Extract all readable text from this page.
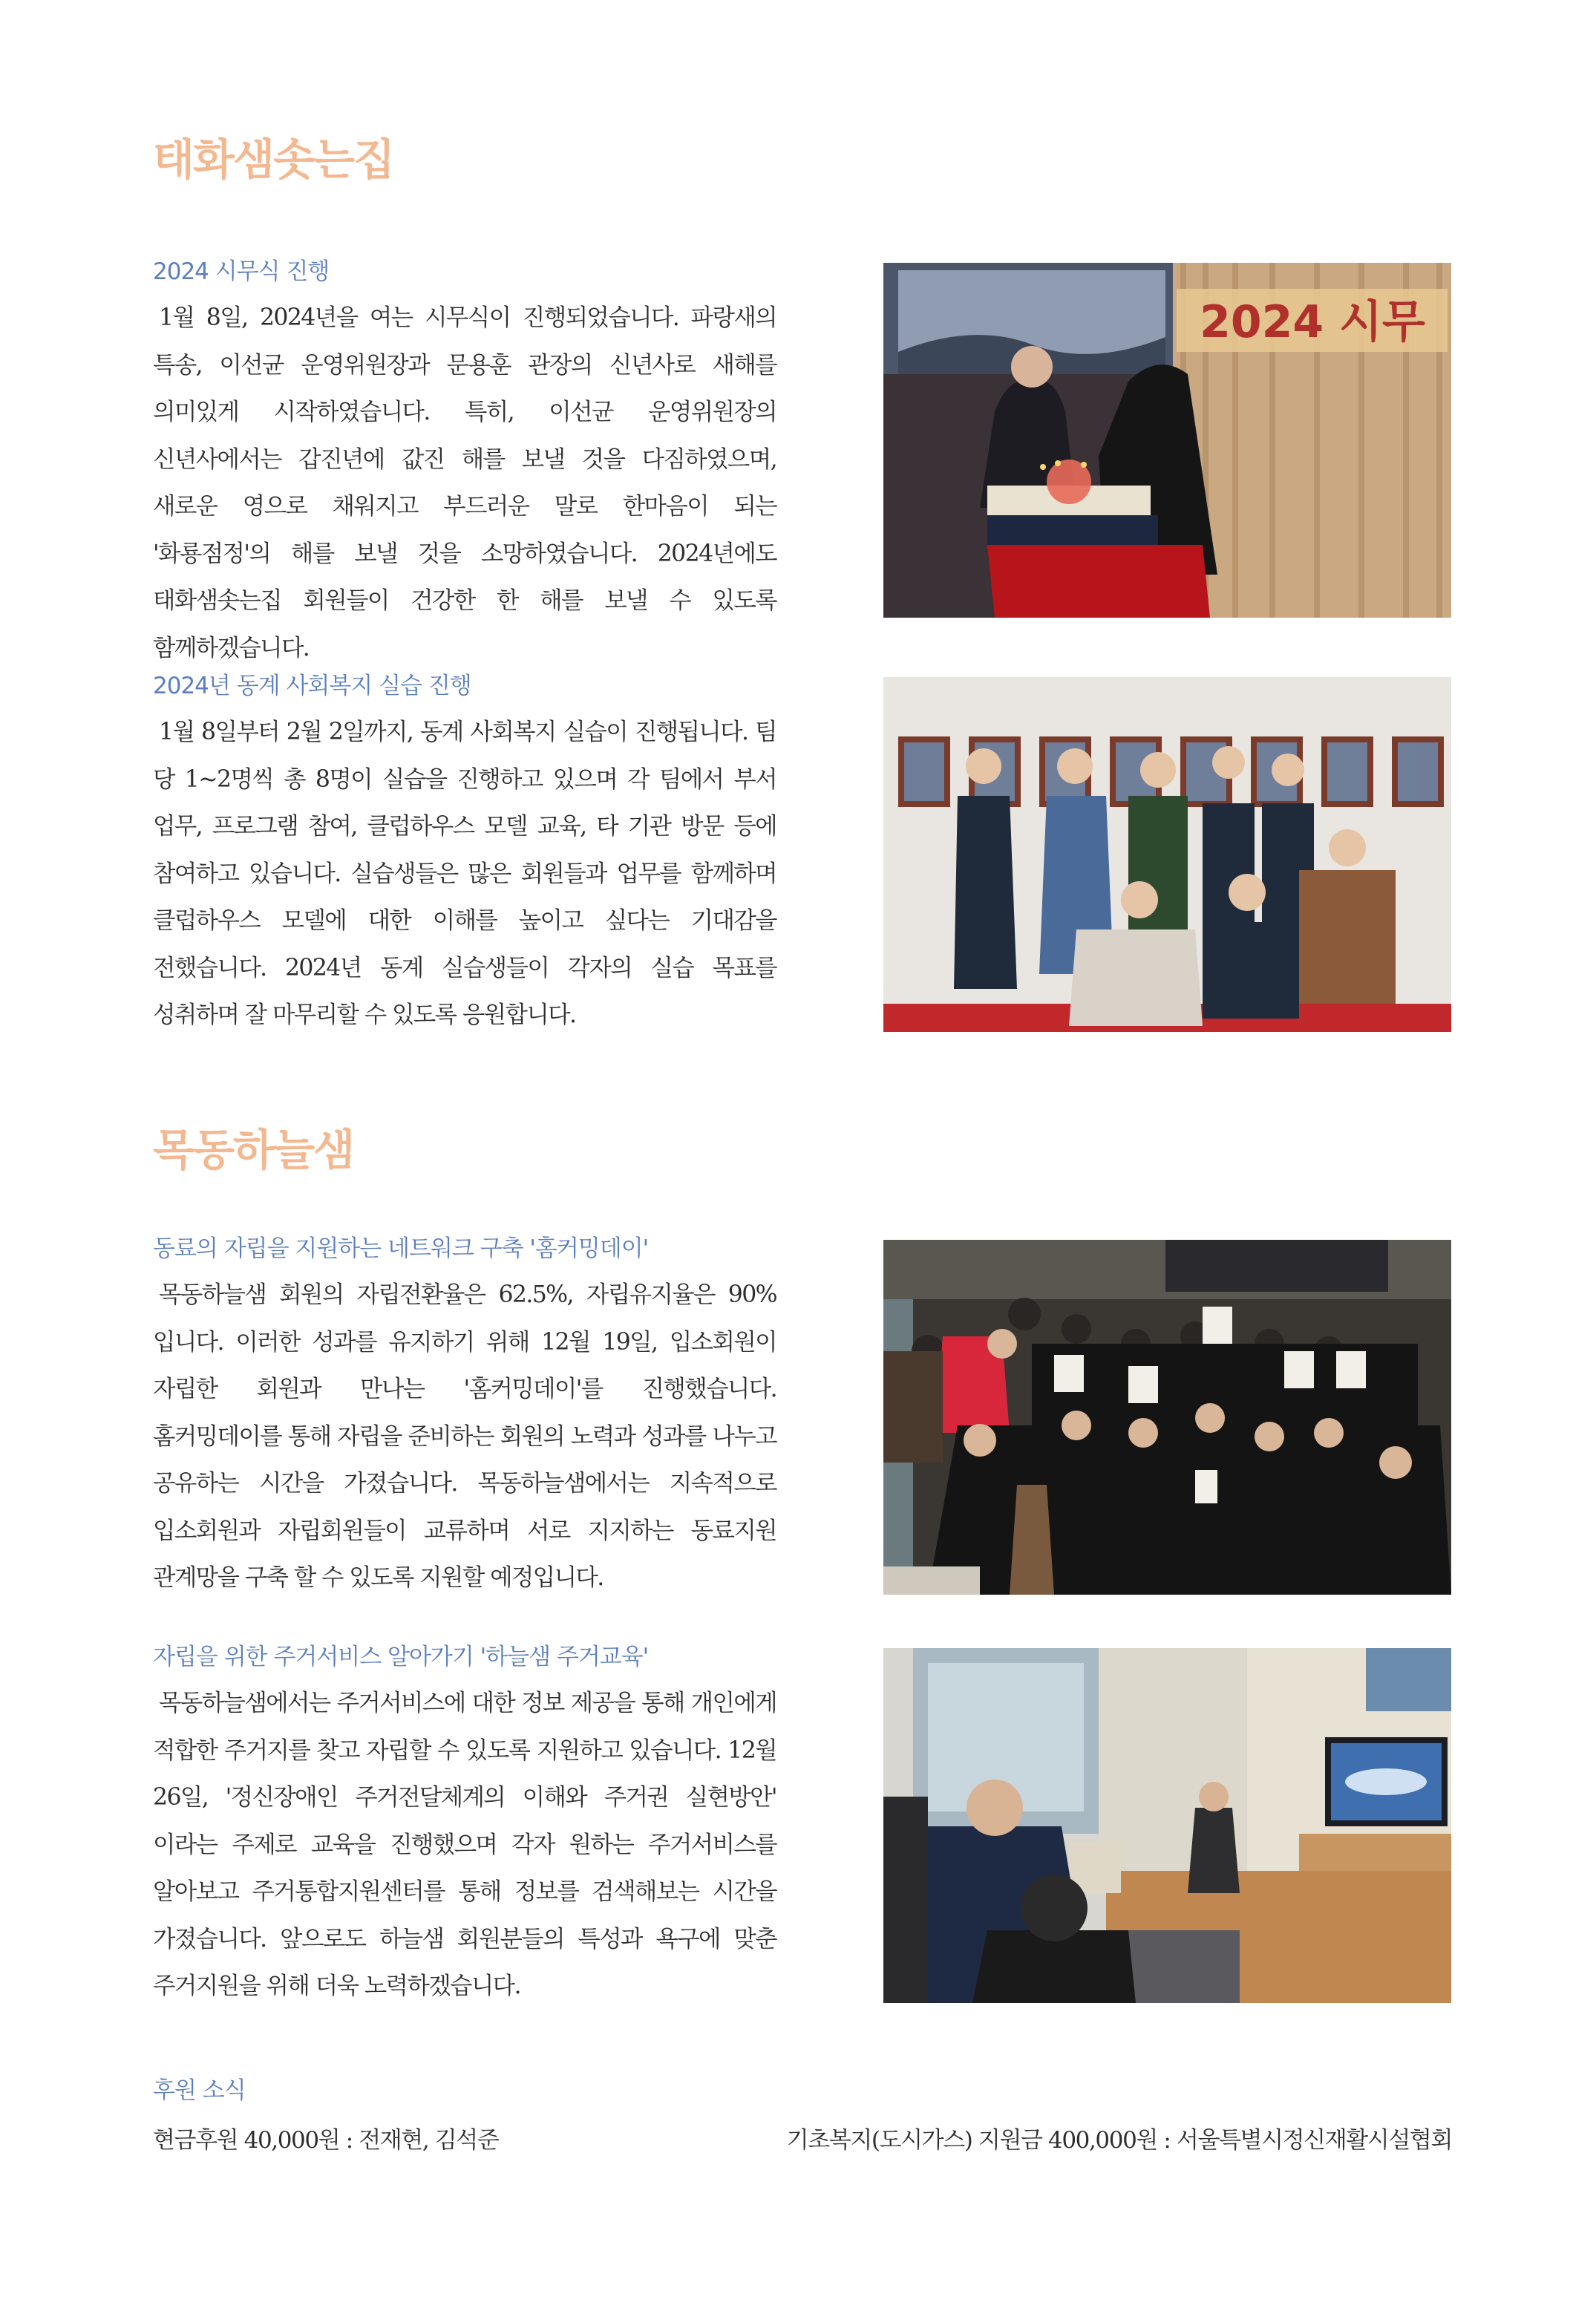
태화샘솟는집
2024 시무식 진행
1월 8일, 2024년을 여는 시무식이 진행되었습니다. 파랑새의 특송, 이선균 운영위원장과 문용훈 관장의 신년사로 새해를 의미있게 시작하였습니다. 특히, 이선균 운영위원장의 신년사에서는 갑진년에 값진 해를 보낼 것을 다짐하였으며, 새로운 영으로 채워지고 부드러운 말로 한마음이 되는 '화룡점정'의 해를 보낼 것을 소망하였습니다. 2024년에도 태화샘솟는집 회원들이 건강한 한 해를 보낼 수 있도록 함께하겠습니다.
2024 시무
2024년 동계 사회복지 실습 진행
1월 8일부터 2월 2일까지, 동계 사회복지 실습이 진행됩니다. 팀 당 1~2명씩 총 8명이 실습을 진행하고 있으며 각 팀에서 부서 업무, 프로그램 참여, 클럽하우스 모델 교육, 타 기관 방문 등에 참여하고 있습니다. 실습생들은 많은 회원들과 업무를 함께하며 클럽하우스 모델에 대한 이해를 높이고 싶다는 기대감을 전했습니다. 2024년 동계 실습생들이 각자의 실습 목표를 성취하며 잘 마무리할 수 있도록 응원합니다.
목동하늘샘
동료의 자립을 지원하는 네트워크 구축 '홈커밍데이'
목동하늘샘 회원의 자립전환율은 62.5%, 자립유지율은 90%입니다. 이러한 성과를 유지하기 위해 12월 19일, 입소회원이 자립한 회원과 만나는 '홈커밍데이'를 진행했습니다. 홈커밍데이를 통해 자립을 준비하는 회원의 노력과 성과를 나누고 공유하는 시간을 가졌습니다. 목동하늘샘에서는 지속적으로 입소회원과 자립회원들이 교류하며 서로 지지하는 동료지원 관계망을 구축 할 수 있도록 지원할 예정입니다.
자립을 위한 주거서비스 알아가기 '하늘샘 주거교육'
목동하늘샘에서는 주거서비스에 대한 정보 제공을 통해 개인에게 적합한 주거지를 찾고 자립할 수 있도록 지원하고 있습니다. 12월 26일, '정신장애인 주거전달체계의 이해와 주거권 실현방안' 이라는 주제로 교육을 진행했으며 각자 원하는 주거서비스를 알아보고 주거통합지원센터를 통해 정보를 검색해보는 시간을 가졌습니다. 앞으로도 하늘샘 회원분들의 특성과 욕구에 맞춘 주거지원을 위해 더욱 노력하겠습니다.
후원 소식
현금후원 40,000원 : 전재현, 김석준	기초복지(도시가스) 지원금 400,000원 : 서울특별시정신재활시설협회
